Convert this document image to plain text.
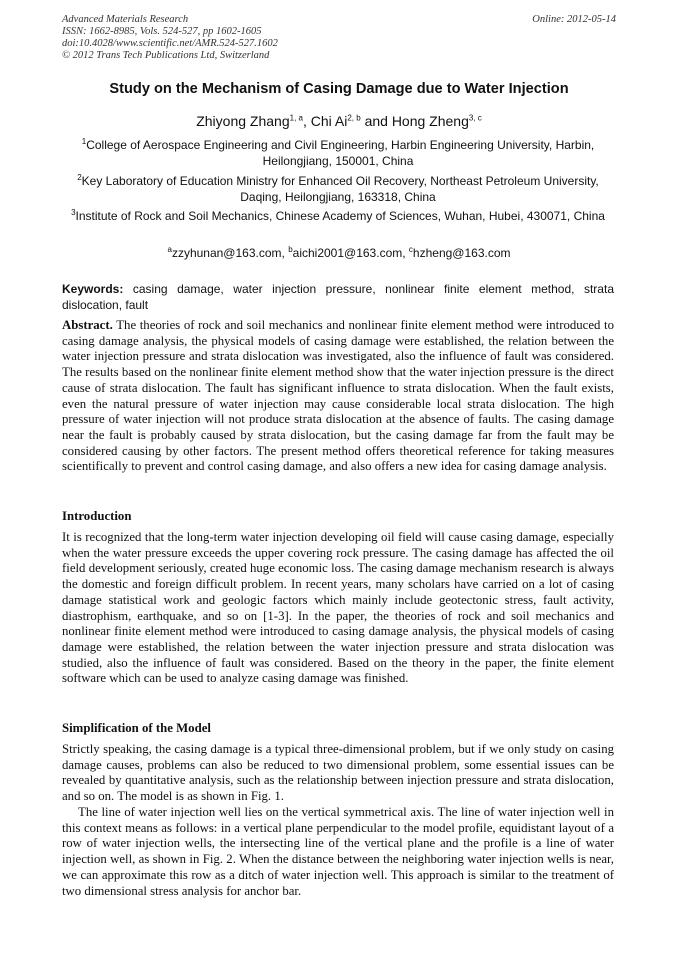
Advanced Materials Research
ISSN: 1662-8985, Vols. 524-527, pp 1602-1605
doi:10.4028/www.scientific.net/AMR.524-527.1602
© 2012 Trans Tech Publications Ltd, Switzerland
Online: 2012-05-14
Study on the Mechanism of Casing Damage due to Water Injection
Zhiyong Zhang$^{1, a}$, Chi Ai$^{2, b}$ and Hong Zheng$^{3, c}$
$^1$College of Aerospace Engineering and Civil Engineering, Harbin Engineering University, Harbin, Heilongjiang, 150001, China
$^2$Key Laboratory of Education Ministry for Enhanced Oil Recovery, Northeast Petroleum University, Daqing, Heilongjiang, 163318, China
$^3$Institute of Rock and Soil Mechanics, Chinese Academy of Sciences, Wuhan, Hubei, 430071, China
$^a$zzyhunan@163.com, $^b$aichi2001@163.com, $^c$hzheng@163.com
Keywords: casing damage, water injection pressure, nonlinear finite element method, strata dislocation, fault
Abstract. The theories of rock and soil mechanics and nonlinear finite element method were introduced to casing damage analysis, the physical models of casing damage were established, the relation between the water injection pressure and strata dislocation was investigated, also the influence of fault was considered. The results based on the nonlinear finite element method show that the water injection pressure is the direct cause of strata dislocation. The fault has significant influence to strata dislocation. When the fault exists, even the natural pressure of water injection may cause considerable local strata dislocation. The high pressure of water injection will not produce strata dislocation at the absence of faults. The casing damage near the fault is probably caused by strata dislocation, but the casing damage far from the fault may be considered causing by other factors. The present method offers theoretical reference for taking measures scientifically to prevent and control casing damage, and also offers a new idea for casing damage analysis.
Introduction
It is recognized that the long-term water injection developing oil field will cause casing damage, especially when the water pressure exceeds the upper covering rock pressure. The casing damage has affected the oil field development seriously, created huge economic loss. The casing damage mechanism research is always the domestic and foreign difficult problem. In recent years, many scholars have carried on a lot of casing damage statistical work and geologic factors which mainly include geotectonic stress, fault activity, diastrophism, earthquake, and so on [1-3]. In the paper, the theories of rock and soil mechanics and nonlinear finite element method were introduced to casing damage analysis, the physical models of casing damage were established, the relation between the water injection pressure and strata dislocation was studied, also the influence of fault was considered. Based on the theory in the paper, the finite element software which can be used to analyze casing damage was finished.
Simplification of the Model
Strictly speaking, the casing damage is a typical three-dimensional problem, but if we only study on casing damage causes, problems can also be reduced to two dimensional problem, some essential issues can be revealed by quantitative analysis, such as the relationship between injection pressure and strata dislocation, and so on. The model is as shown in Fig. 1.
The line of water injection well lies on the vertical symmetrical axis. The line of water injection well in this context means as follows: in a vertical plane perpendicular to the model profile, equidistant layout of a row of water injection wells, the intersecting line of the vertical plane and the profile is a line of water injection well, as shown in Fig. 2. When the distance between the neighboring water injection wells is near, we can approximate this row as a ditch of water injection well. This approach is similar to the treatment of two dimensional stress analysis for anchor bar.
